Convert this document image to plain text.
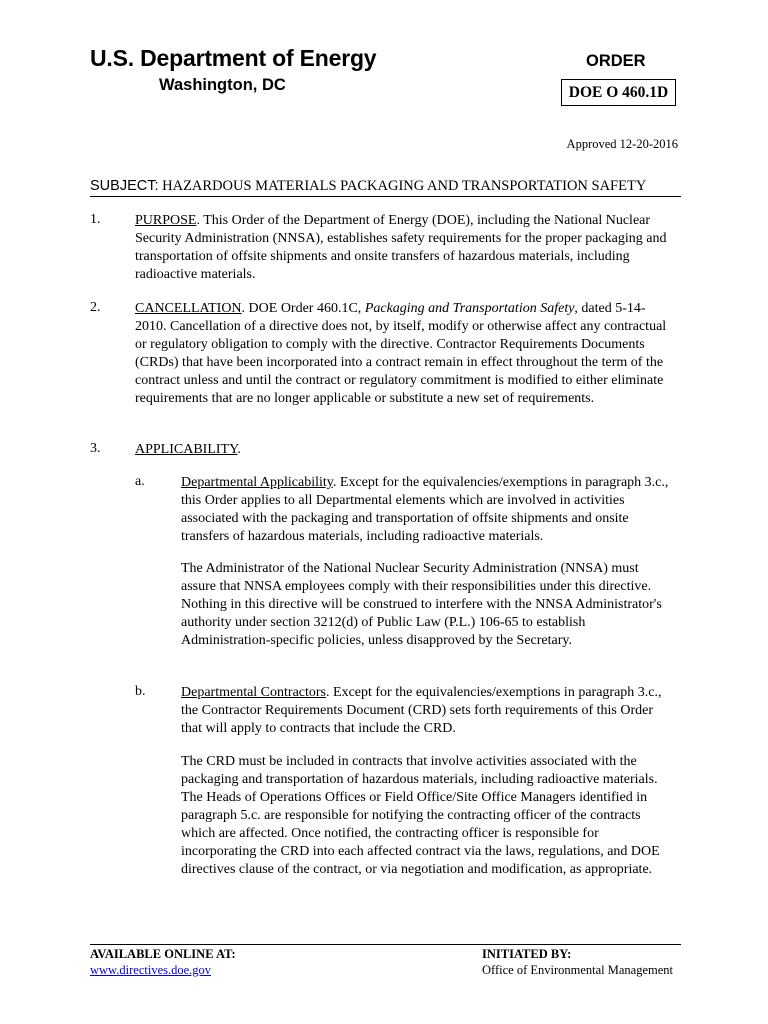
U.S. Department of Energy
Washington, DC
ORDER
DOE O 460.1D
Approved 12-20-2016
SUBJECT: HAZARDOUS MATERIALS PACKAGING AND TRANSPORTATION SAFETY
1. PURPOSE. This Order of the Department of Energy (DOE), including the National Nuclear Security Administration (NNSA), establishes safety requirements for the proper packaging and transportation of offsite shipments and onsite transfers of hazardous materials, including radioactive materials.
2. CANCELLATION. DOE Order 460.1C, Packaging and Transportation Safety, dated 5-14-2010. Cancellation of a directive does not, by itself, modify or otherwise affect any contractual or regulatory obligation to comply with the directive. Contractor Requirements Documents (CRDs) that have been incorporated into a contract remain in effect throughout the term of the contract unless and until the contract or regulatory commitment is modified to either eliminate requirements that are no longer applicable or substitute a new set of requirements.
3. APPLICABILITY.
a.	Departmental Applicability. Except for the equivalencies/exemptions in paragraph 3.c., this Order applies to all Departmental elements which are involved in activities associated with the packaging and transportation of offsite shipments and onsite transfers of hazardous materials, including radioactive materials.
The Administrator of the National Nuclear Security Administration (NNSA) must assure that NNSA employees comply with their responsibilities under this directive. Nothing in this directive will be construed to interfere with the NNSA Administrator's authority under section 3212(d) of Public Law (P.L.) 106-65 to establish Administration-specific policies, unless disapproved by the Secretary.
b.	Departmental Contractors. Except for the equivalencies/exemptions in paragraph 3.c., the Contractor Requirements Document (CRD) sets forth requirements of this Order that will apply to contracts that include the CRD.
The CRD must be included in contracts that involve activities associated with the packaging and transportation of hazardous materials, including radioactive materials. The Heads of Operations Offices or Field Office/Site Office Managers identified in paragraph 5.c. are responsible for notifying the contracting officer of the contracts which are affected. Once notified, the contracting officer is responsible for incorporating the CRD into each affected contract via the laws, regulations, and DOE directives clause of the contract, or via negotiation and modification, as appropriate.
AVAILABLE ONLINE AT:
www.directives.doe.gov
INITIATED BY:
Office of Environmental Management
